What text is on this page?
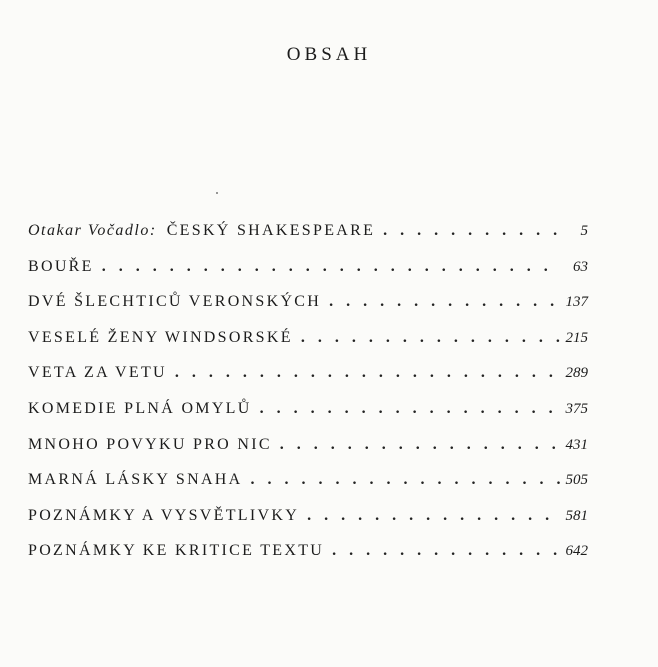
OBSAH
Otakar Vočadlo: ČESKÝ SHAKESPEARE . . .	5
BOUŘE . . .	63
DVÉ ŠLECHTICŮ VERONSKÝCH . . .	137
VESELÉ ŽENY WINDSORSKÉ . . .	215
VETA ZA VETU . . .	289
KOMEDIE PLNÁ OMYLŮ . . .	375
MNOHO POVYKU PRO NIC . . .	431
MARNÁ LÁSKY SNAHA . . .	505
POZNÁMKY A VYSVĚTLIVKY . . .	581
POZNÁMKY KE KRITICE TEXTU . . .	642
